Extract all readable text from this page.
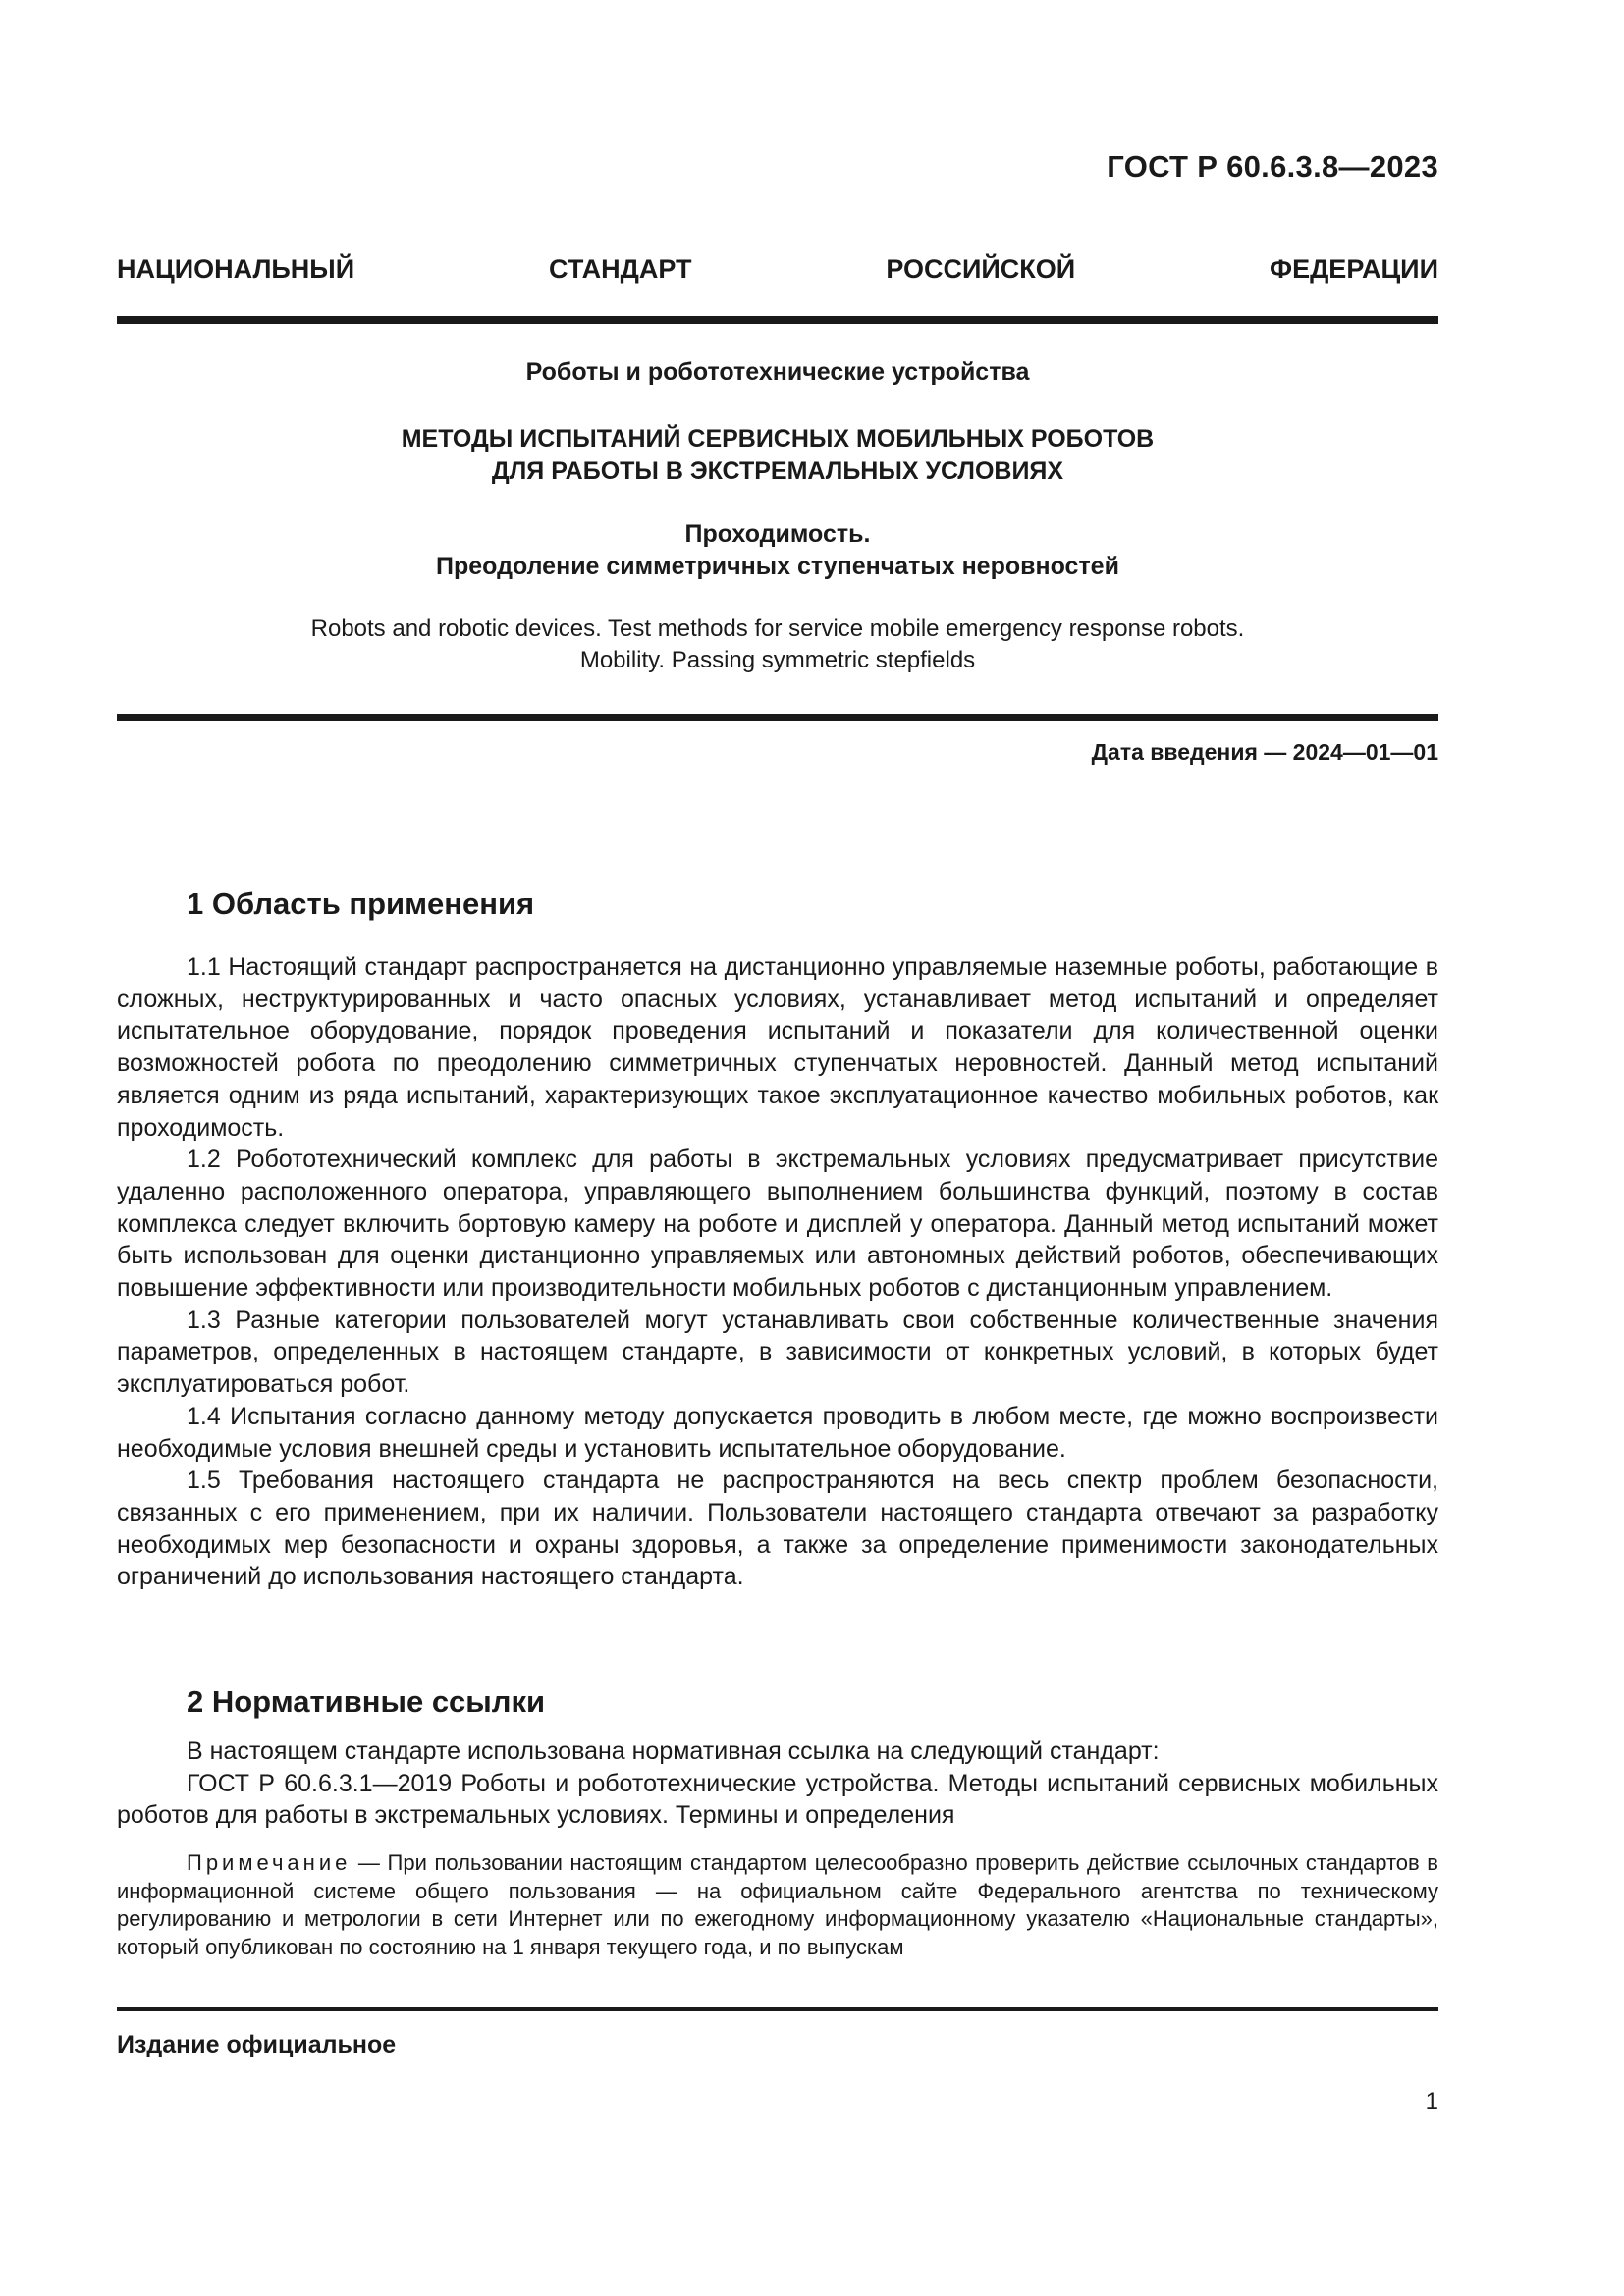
ГОСТ Р 60.6.3.8—2023
НАЦИОНАЛЬНЫЙ СТАНДАРТ РОССИЙСКОЙ ФЕДЕРАЦИИ
Роботы и робототехнические устройства
МЕТОДЫ ИСПЫТАНИЙ СЕРВИСНЫХ МОБИЛЬНЫХ РОБОТОВ
ДЛЯ РАБОТЫ В ЭКСТРЕМАЛЬНЫХ УСЛОВИЯХ
Проходимость.
Преодоление симметричных ступенчатых неровностей
Robots and robotic devices. Test methods for service mobile emergency response robots.
Mobility. Passing symmetric stepfields
Дата введения — 2024—01—01
1 Область применения

1.1 Настоящий стандарт распространяется на дистанционно управляемые наземные роботы, работающие в сложных, неструктурированных и часто опасных условиях, устанавливает метод испытаний и определяет испытательное оборудование, порядок проведения испытаний и показатели для количественной оценки возможностей робота по преодолению симметричных ступенчатых неровностей. Данный метод испытаний является одним из ряда испытаний, характеризующих такое эксплуатационное качество мобильных роботов, как проходимость.

1.2 Робототехнический комплекс для работы в экстремальных условиях предусматривает присутствие удаленно расположенного оператора, управляющего выполнением большинства функций, поэтому в состав комплекса следует включить бортовую камеру на роботе и дисплей у оператора. Данный метод испытаний может быть использован для оценки дистанционно управляемых или автономных действий роботов, обеспечивающих повышение эффективности или производительности мобильных роботов с дистанционным управлением.

1.3 Разные категории пользователей могут устанавливать свои собственные количественные значения параметров, определенных в настоящем стандарте, в зависимости от конкретных условий, в которых будет эксплуатироваться робот.

1.4 Испытания согласно данному методу допускается проводить в любом месте, где можно воспроизвести необходимые условия внешней среды и установить испытательное оборудование.

1.5 Требования настоящего стандарта не распространяются на весь спектр проблем безопасности, связанных с его применением, при их наличии. Пользователи настоящего стандарта отвечают за разработку необходимых мер безопасности и охраны здоровья, а также за определение применимости законодательных ограничений до использования настоящего стандарта.

2 Нормативные ссылки

В настоящем стандарте использована нормативная ссылка на следующий стандарт:

ГОСТ Р 60.6.3.1—2019 Роботы и робототехнические устройства. Методы испытаний сервисных мобильных роботов для работы в экстремальных условиях. Термины и определения

Примечание — При пользовании настоящим стандартом целесообразно проверить действие ссылочных стандартов в информационной системе общего пользования — на официальном сайте Федерального агентства по техническому регулированию и метрологии в сети Интернет или по ежегодному информационному указателю «Национальные стандарты», который опубликован по состоянию на 1 января текущего года, и по выпускам
Издание официальное
1
